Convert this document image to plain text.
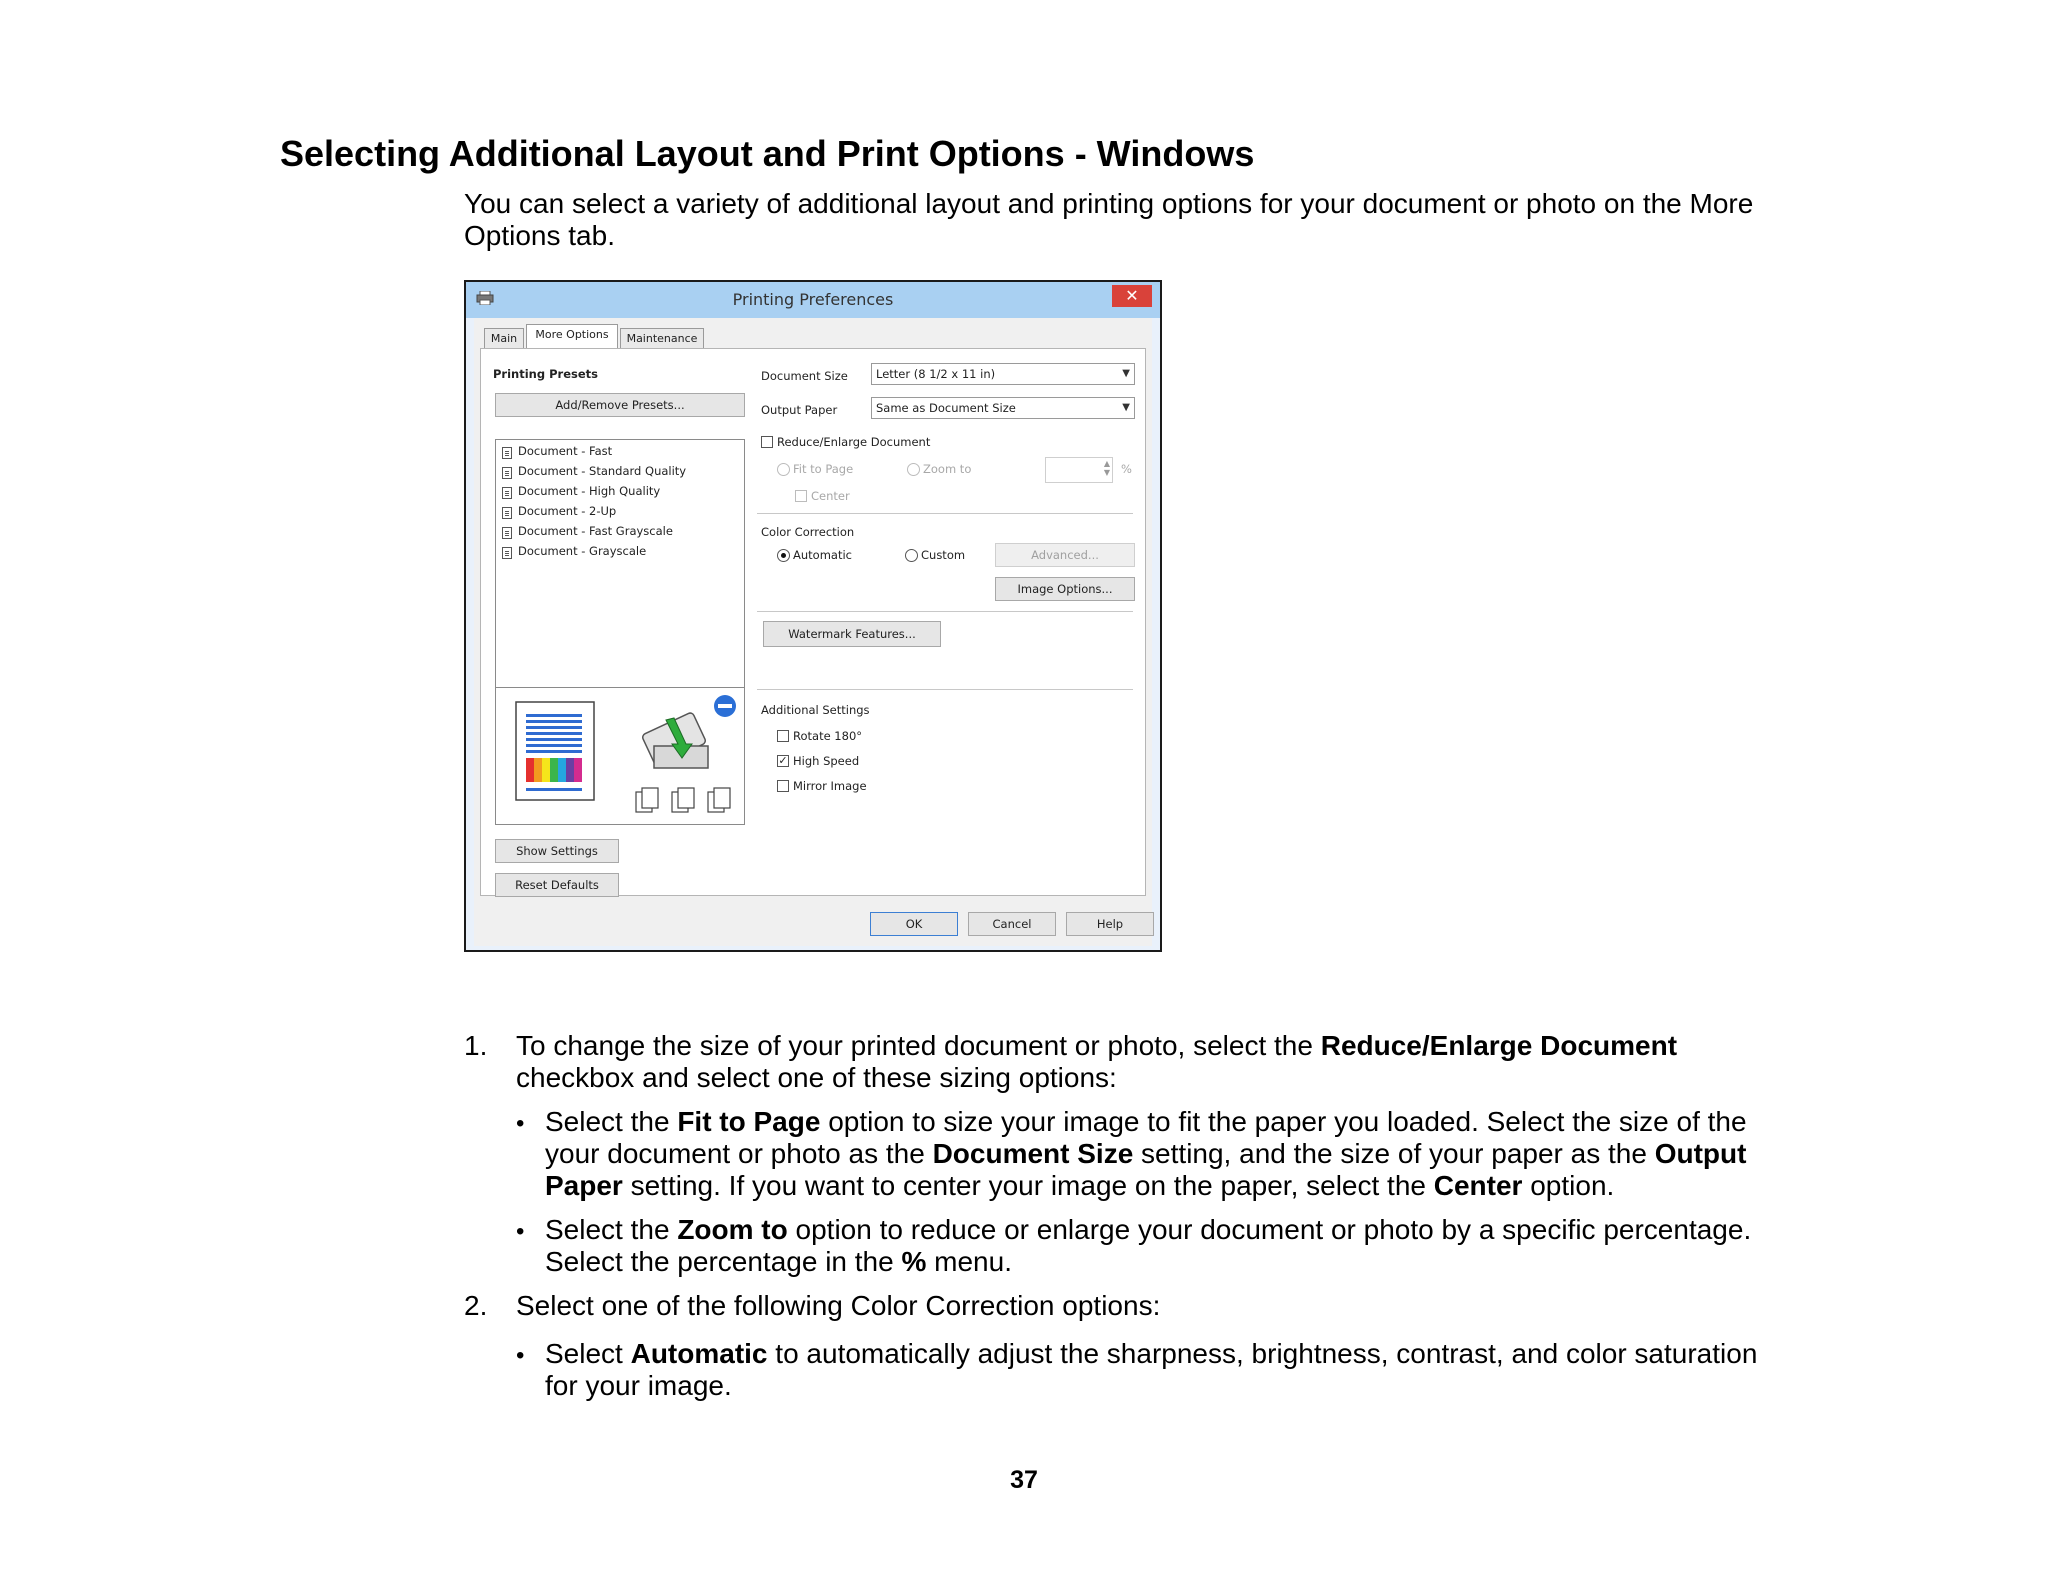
Selecting Additional Layout and Print Options - Windows
You can select a variety of additional layout and printing options for your document or photo on the More Options tab.
Printing Preferences	✕
Main	More Options	Maintenance
Printing Presets
Add/Remove Presets...
Document - Fast
Document - Standard Quality
Document - High Quality
Document - 2-Up
Document - Fast Grayscale
Document - Grayscale
Show Settings
Reset Defaults
Document Size	Letter (8 1/2 x 11 in)	▼
Output Paper	Same as Document Size	▼
Reduce/Enlarge Document
Fit to Page	Zoom to	▲
▼ %
Center
Color Correction
Automatic	Custom	Advanced...
Image Options...
Watermark Features...
Additional Settings
Rotate 180°
✓ High Speed
Mirror Image
OK	Cancel	Help
1. To change the size of your printed document or photo, select the Reduce/Enlarge Document checkbox and select one of these sizing options:
• Select the Fit to Page option to size your image to fit the paper you loaded. Select the size of the your document or photo as the Document Size setting, and the size of your paper as the Output Paper setting. If you want to center your image on the paper, select the Center option.
• Select the Zoom to option to reduce or enlarge your document or photo by a specific percentage. Select the percentage in the % menu.
2. Select one of the following Color Correction options:
• Select Automatic to automatically adjust the sharpness, brightness, contrast, and color saturation for your image.
37
